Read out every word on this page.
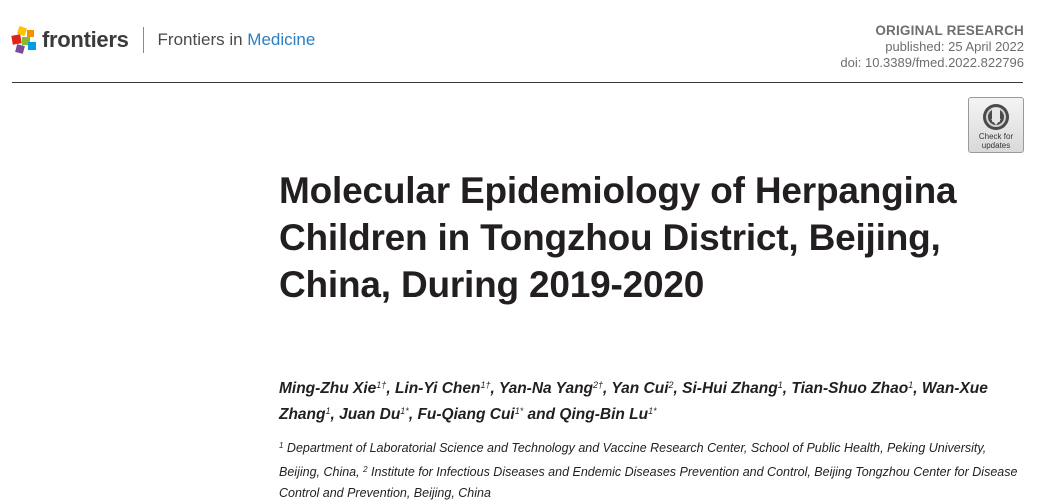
frontiers Frontiers in Medicine	ORIGINAL RESEARCH
published: 25 April 2022
doi: 10.3389/fmed.2022.822796
Check for
updates
Molecular Epidemiology of Herpangina Children in Tongzhou District, Beijing, China, During 2019-2020

Ming-Zhu Xie$^{1\dagger}$, Lin-Yi Chen$^{1\dagger}$, Yan-Na Yang$^{2\dagger}$, Yan Cui$^2$, Si-Hui Zhang$^1$, Tian-Shuo Zhao$^1$, Wan-Xue Zhang$^1$, Juan $Du^{1*}$, Fu-Qiang Cui$^{1*}$ and Qing-Bin $Lu^{1*}$

$^1$ Department of Laboratorial Science and Technology and Vaccine Research Center, School of Public Health, Peking University, Beijing, China, $^2$ Institute for Infectious Diseases and Endemic Diseases Prevention and Control, Beijing Tongzhou Center for Disease Control and Prevention, Beijing, China
